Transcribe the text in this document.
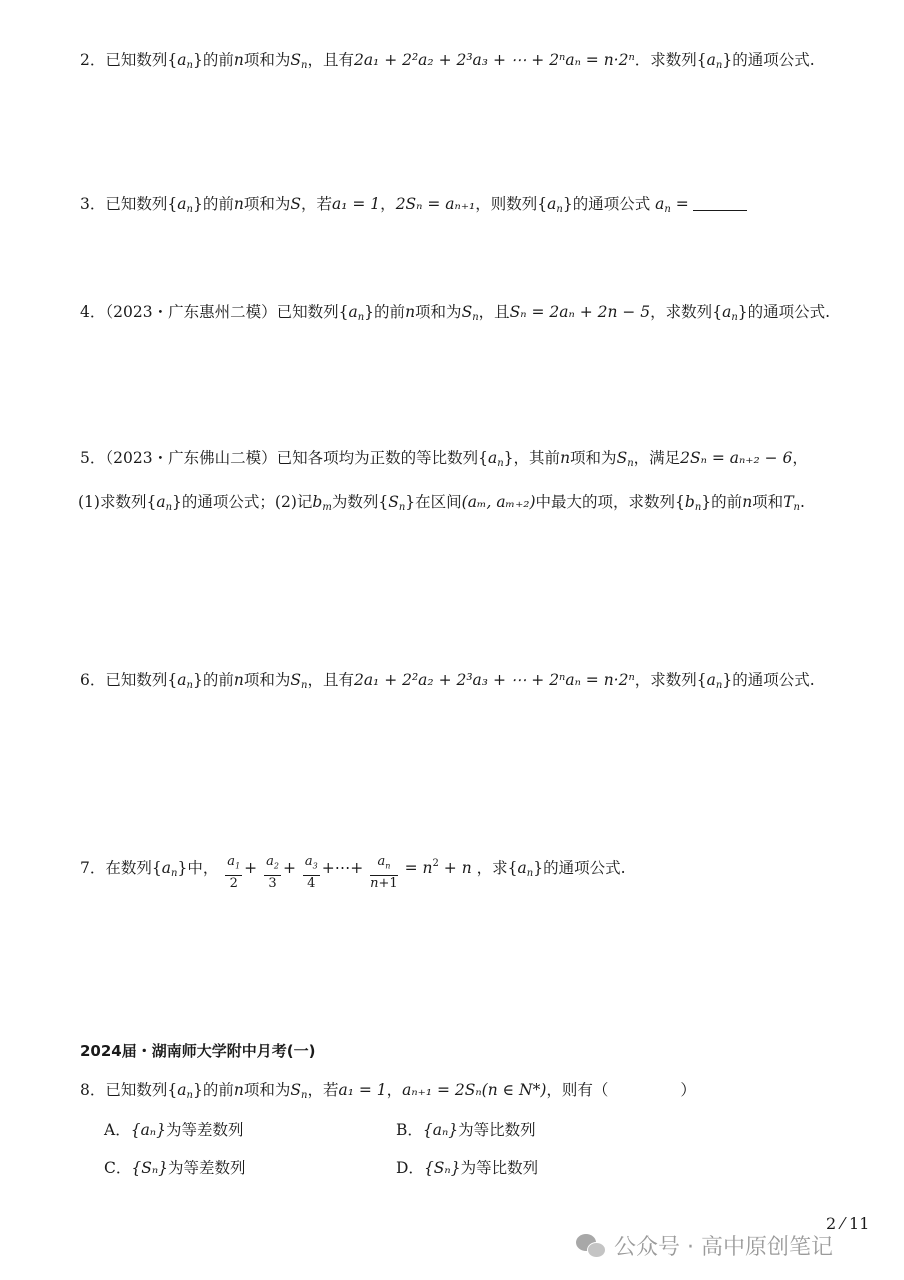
2．已知数列$\{a_n\}$的前n项和为$S_n$，且有2a₁ + 2²a₂ + 2³a₃ + ⋯ + 2ⁿaₙ = n·2ⁿ．求数列$\{a_n\}$的通项公式.
3．已知数列$\{a_n\}$的前n项和为S，若a₁ = 1，2Sₙ = aₙ₊₁，则数列$\{a_n\}$的通项公式 $a_n$ =
4．（2023・广东惠州二模）已知数列$\{a_n\}$的前n项和为$S_n$，且Sₙ = 2aₙ + 2n − 5，求数列$\{a_n\}$的通项公式.
5．（2023・广东佛山二模）已知各项均为正数的等比数列$\{a_n\}$，其前n项和为$S_n$，满足2Sₙ = aₙ₊₂ − 6，
(1)求数列$\{a_n\}$的通项公式；(2)记$b_m$为数列$\{S_n\}$在区间(aₘ, aₘ₊₂)中最大的项，求数列$\{b_n\}$的前n项和$T_n$.
6．已知数列$\{a_n\}$的前n项和为$S_n$，且有2a₁ + 2²a₂ + 2³a₃ + ⋯ + 2ⁿaₙ = n·2ⁿ，求数列$\{a_n\}$的通项公式.
7．在数列$\{a_n\}$中， $\frac{a_1}{2} + \frac{a_2}{3} + \frac{a_3}{4}$ +⋯+ $\frac{a_n}{n+1} = n^2 + n$ ，求$\{a_n\}$的通项公式.
2024届・湖南师大学附中月考(一)
8．已知数列$\{a_n\}$的前n项和为$S_n$，若a₁ = 1，aₙ₊₁ = 2Sₙ(n ∈ N*)，则有（	）
A．{aₙ}为等差数列	B．{aₙ}为等比数列
C．{Sₙ}为等差数列	D．{Sₙ}为等比数列
2 ⁄ 11
公众号 · 高中原创笔记
